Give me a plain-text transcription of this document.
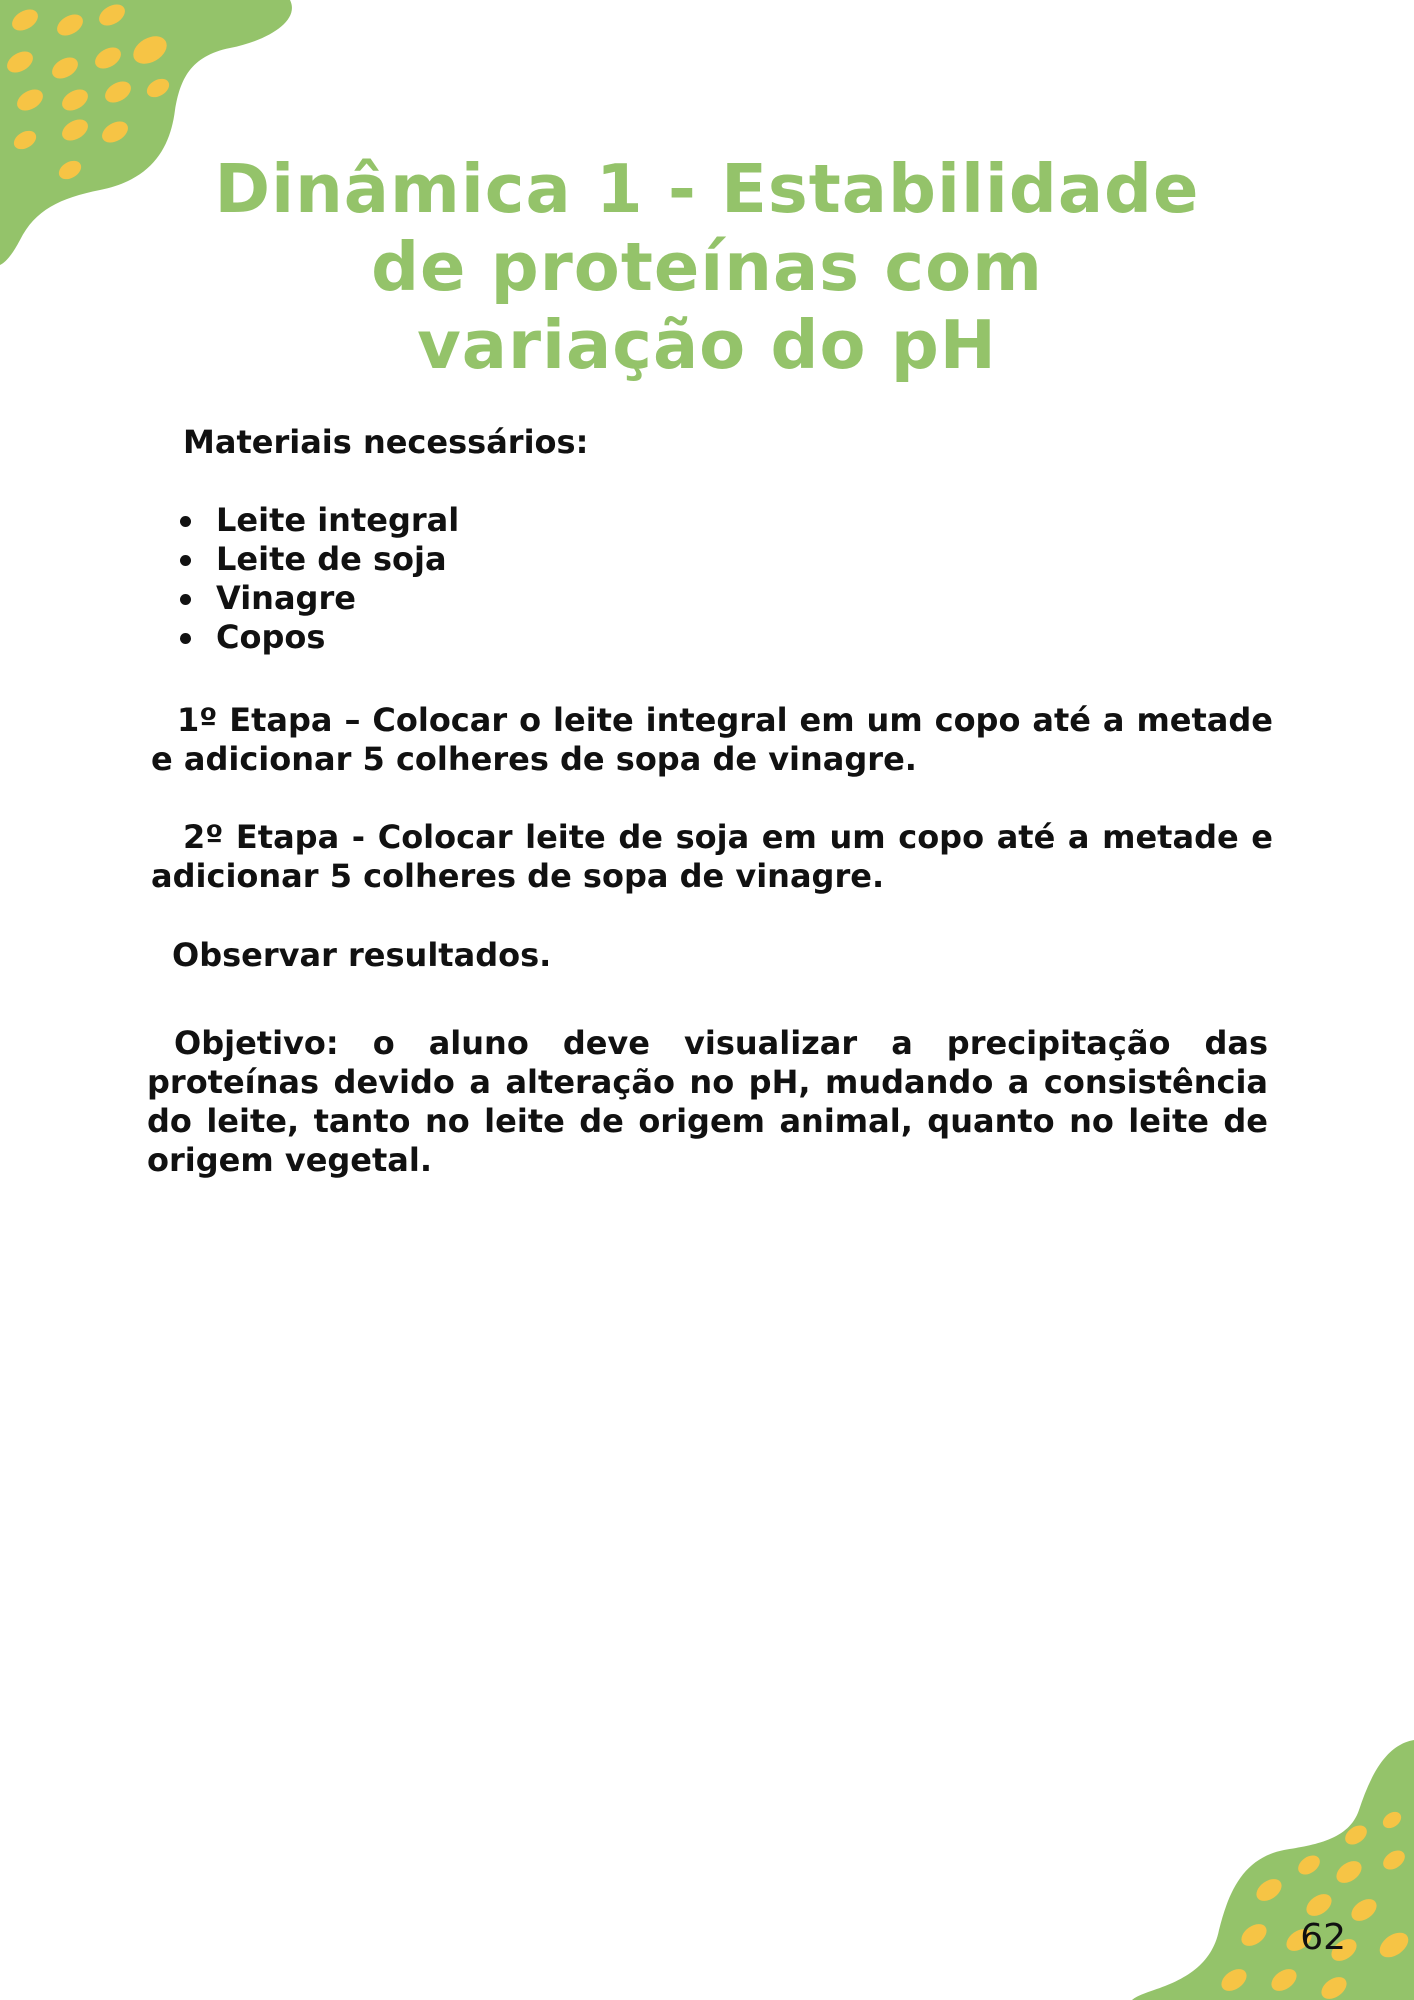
Dinâmica 1 - Estabilidade
de proteínas com
variação do pH

Materiais necessários:

Leite integral
Leite de soja
Vinagre
Copos

1º Etapa – Colocar o leite integral em um copo até a metade e adicionar 5 colheres de sopa de vinagre.

2º Etapa - Colocar leite de soja em um copo até a metade e adicionar 5 colheres de sopa de vinagre.

Observar resultados.

Objetivo: o aluno deve visualizar a precipitação das proteínas devido a alteração no pH, mudando a consistência do leite, tanto no leite de origem animal, quanto no leite de origem vegetal.

62
